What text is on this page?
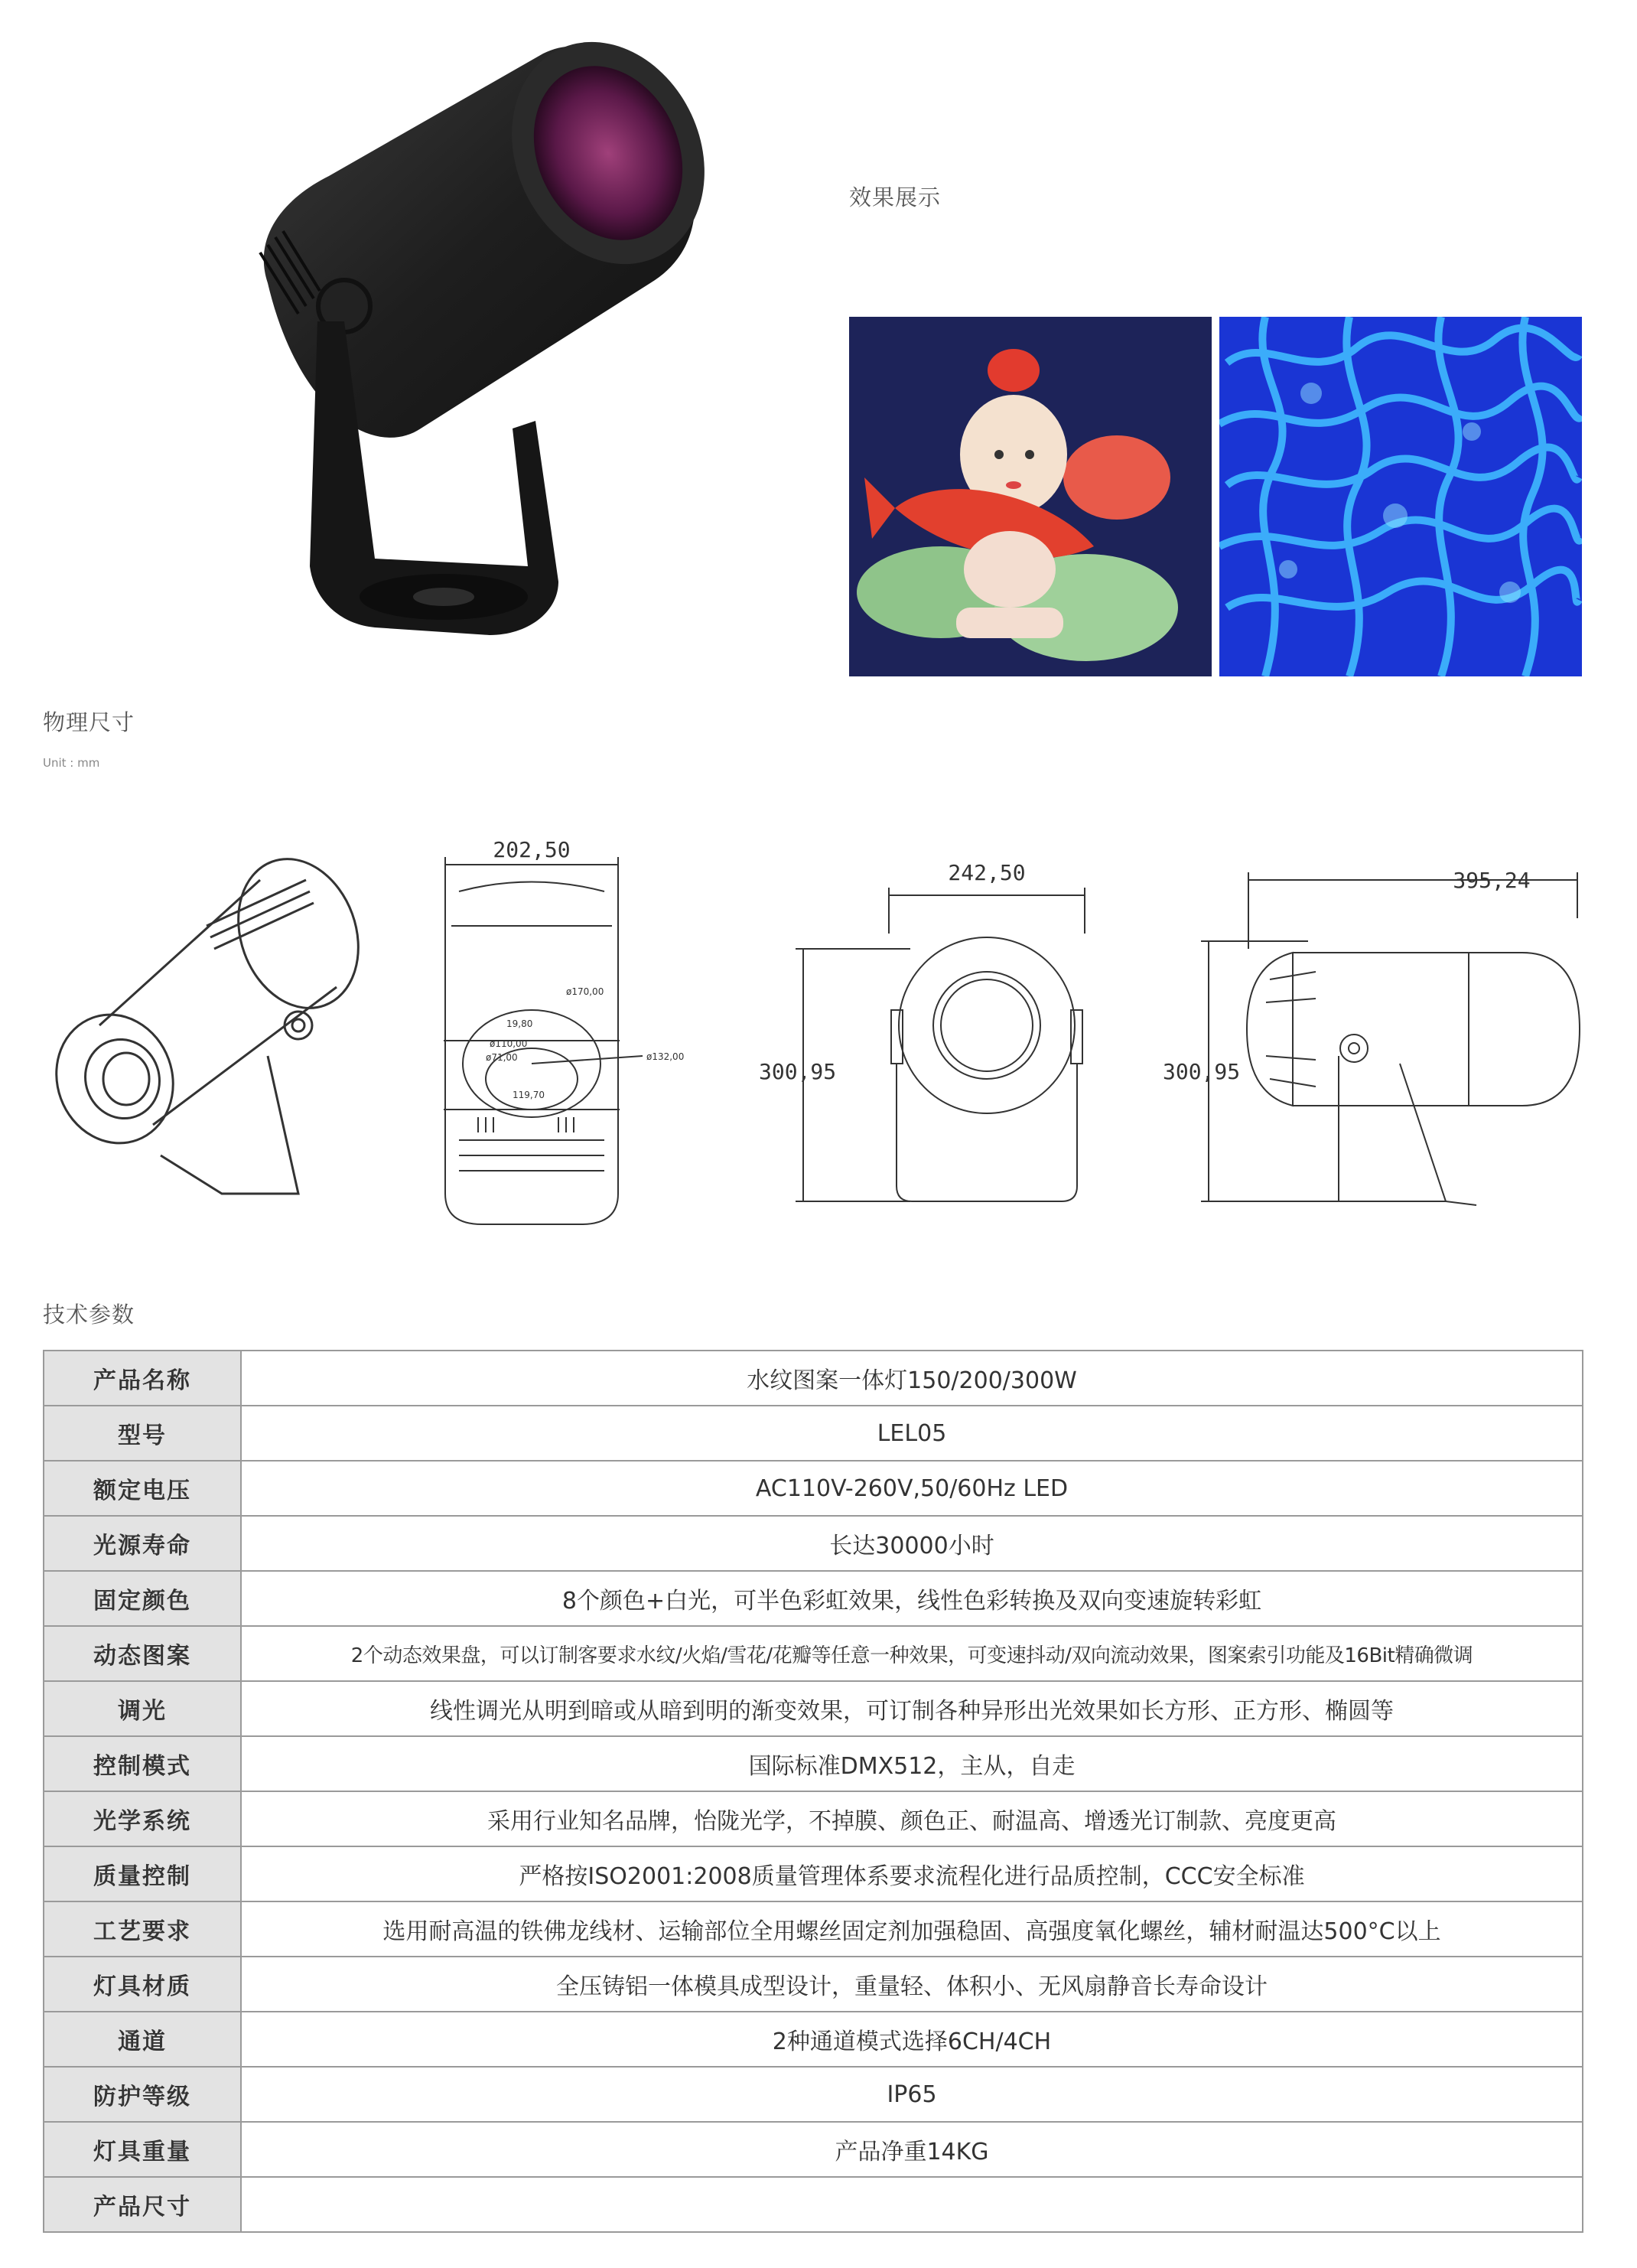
效果展示
物理尺寸
Unit : mm
202,50
ø170,00
ø132,00
19,80
ø110,00
ø71,00
119,70
242,50
300,95
395,24
300,95
技术参数
产品名称	水纹图案一体灯150/200/300W
型号	LEL05
额定电压	AC110V-260V,50/60Hz LED
光源寿命	长达30000小时
固定颜色	8个颜色+白光，可半色彩虹效果，线性色彩转换及双向变速旋转彩虹
动态图案	2个动态效果盘，可以订制客要求水纹/火焰/雪花/花瓣等任意一种效果，可变速抖动/双向流动效果，图案索引功能及16Bit精确微调
调光	线性调光从明到暗或从暗到明的渐变效果，可订制各种异形出光效果如长方形、正方形、椭圆等
控制模式	国际标准DMX512，主从，自走
光学系统	采用行业知名品牌，怡陇光学，不掉膜、颜色正、耐温高、增透光订制款、亮度更高
质量控制	严格按ISO2001:2008质量管理体系要求流程化进行品质控制，CCC安全标准
工艺要求	选用耐高温的铁佛龙线材、运输部位全用螺丝固定剂加强稳固、高强度氧化螺丝，辅材耐温达500°C以上
灯具材质	全压铸铝一体模具成型设计，重量轻、体积小、无风扇静音长寿命设计
通道	2种通道模式选择6CH/4CH
防护等级	IP65
灯具重量	产品净重14KG
产品尺寸	
